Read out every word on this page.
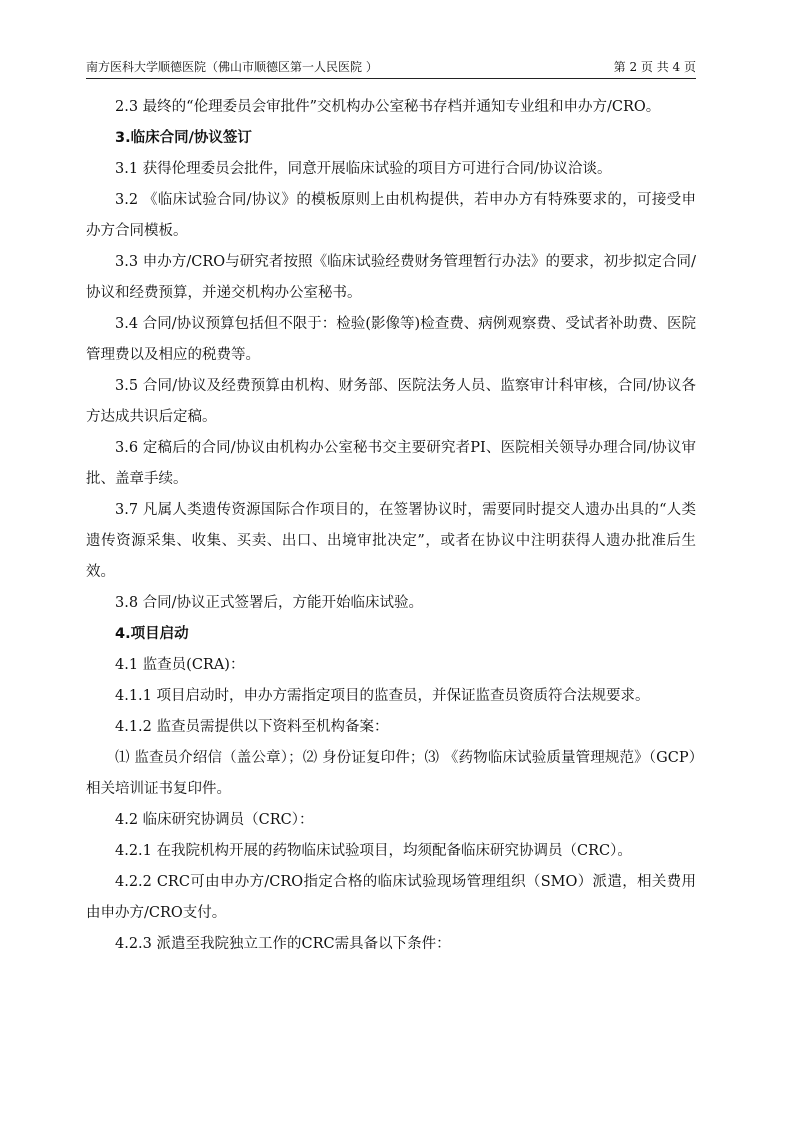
南方医科大学顺德医院（佛山市顺德区第一人民医院 ）	第 2 页 共 4 页

2.3 最终的“伦理委员会审批件”交机构办公室秘书存档并通知专业组和申办方/CRO。

3.临床合同/协议签订

3.1 获得伦理委员会批件，同意开展临床试验的项目方可进行合同/协议洽谈。

3.2 《临床试验合同/协议》的模板原则上由机构提供，若申办方有特殊要求的，可接受申办方合同模板。

3.3 申办方/CRO与研究者按照《临床试验经费财务管理暂行办法》的要求，初步拟定合同/协议和经费预算，并递交机构办公室秘书。

3.4 合同/协议预算包括但不限于：检验(影像等)检查费、病例观察费、受试者补助费、医院管理费以及相应的税费等。

3.5 合同/协议及经费预算由机构、财务部、医院法务人员、监察审计科审核，合同/协议各方达成共识后定稿。

3.6 定稿后的合同/协议由机构办公室秘书交主要研究者PI、医院相关领导办理合同/协议审批、盖章手续。

3.7 凡属人类遗传资源国际合作项目的，在签署协议时，需要同时提交人遗办出具的“人类遗传资源采集、收集、买卖、出口、出境审批决定”，或者在协议中注明获得人遗办批准后生效。

3.8 合同/协议正式签署后，方能开始临床试验。

4.项目启动

4.1 监查员(CRA)：

4.1.1 项目启动时，申办方需指定项目的监查员，并保证监查员资质符合法规要求。

4.1.2 监查员需提供以下资料至机构备案：

⑴ 监查员介绍信（盖公章）；⑵ 身份证复印件；⑶ 《药物临床试验质量管理规范》（GCP）相关培训证书复印件。

4.2 临床研究协调员（CRC）：

4.2.1 在我院机构开展的药物临床试验项目，均须配备临床研究协调员（CRC）。

4.2.2 CRC可由申办方/CRO指定合格的临床试验现场管理组织（SMO）派遣，相关费用由申办方/CRO支付。

4.2.3 派遣至我院独立工作的CRC需具备以下条件：
